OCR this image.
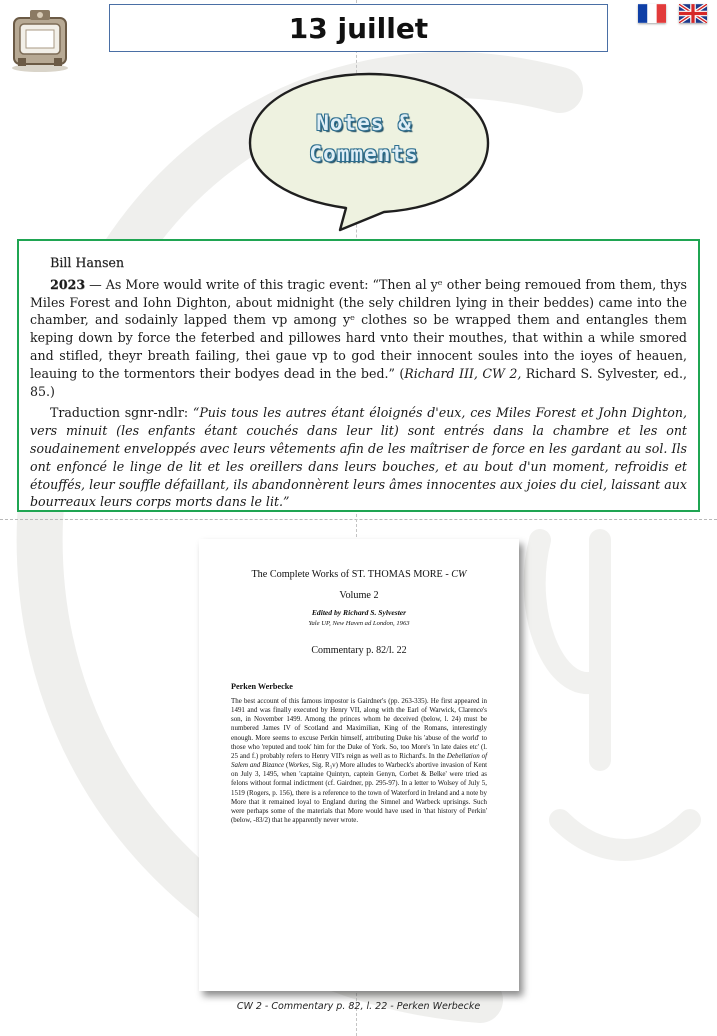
13 juillet
Notes &
Comments

Bill Hansen

2023 — As More would write of this tragic event: “Then al yᵉ other being remoued from them, thys Miles Forest and Iohn Dighton, about midnight (the sely children lying in their beddes) came into the chamber, and sodainly lapped them vp among yᵉ clothes so be wrapped them and entangles them keping down by force the feterbed and pillowes hard vnto their mouthes, that within a while smored and stifled, theyr breath failing, thei gaue vp to god their innocent soules into the ioyes of heauen, leauing to the tormentors their bodyes dead in the bed.” (Richard III, CW 2, Richard S. Sylvester, ed., 85.)

Traduction sgnr-ndlr: “Puis tous les autres étant éloignés d'eux, ces Miles Forest et John Dighton, vers minuit (les enfants étant couchés dans leur lit) sont entrés dans la chambre et les ont soudainement enveloppés avec leurs vêtements afin de les maîtriser de force en les gardant au sol. Ils ont enfoncé le linge de lit et les oreillers dans leurs bouches, et au bout d'un moment, refroidis et étouffés, leur souffle défaillant, ils abandonnèrent leurs âmes innocentes aux joies du ciel, laissant aux bourreaux leurs corps morts dans le lit.”

The Complete Works of ST. THOMAS MORE - CW
Volume 2
Edited by Richard S. Sylvester
Yale UP, New Haven ad London, 1963
Commentary p. 82/l. 22
Perken Werbecke

The best account of this famous impostor is Gairdner's (pp. 263-335). He first appeared in 1491 and was finally executed by Henry VII, along with the Earl of Warwick, Clarence's son, in November 1499. Among the princes whom he deceived (below, l. 24) must be numbered James IV of Scotland and Maximilian, King of the Romans, interestingly enough. More seems to excuse Perkin himself, attributing Duke his 'abuse of the world' to those who 'reputed and took' him for the Duke of York. So, too More's 'in late daies etc' (l. 25 and f.) probably refers to Henry VII's reign as well as to Richard's. In the Debellation of Salem and Bizance (Workes, Sig. R₃v) More alludes to Warbeck's abortive invasion of Kent on July 3, 1495, when 'captaine Quintyn, captein Genyn, Corbet & Belke' were tried as felons without formal indictment (cf. Gairdner, pp. 295-97). In a letter to Wolsey of July 5, 1519 (Rogers, p. 156), there is a reference to the town of Waterford in Ireland and a note by More that it remained loyal to England during the Simnel and Warbeck uprisings. Such were perhaps some of the materials that More would have used in 'that history of Perkin' (below, -83/2) that he apparently never wrote.

CW 2 - Commentary p. 82, l. 22 - Perken Werbecke
